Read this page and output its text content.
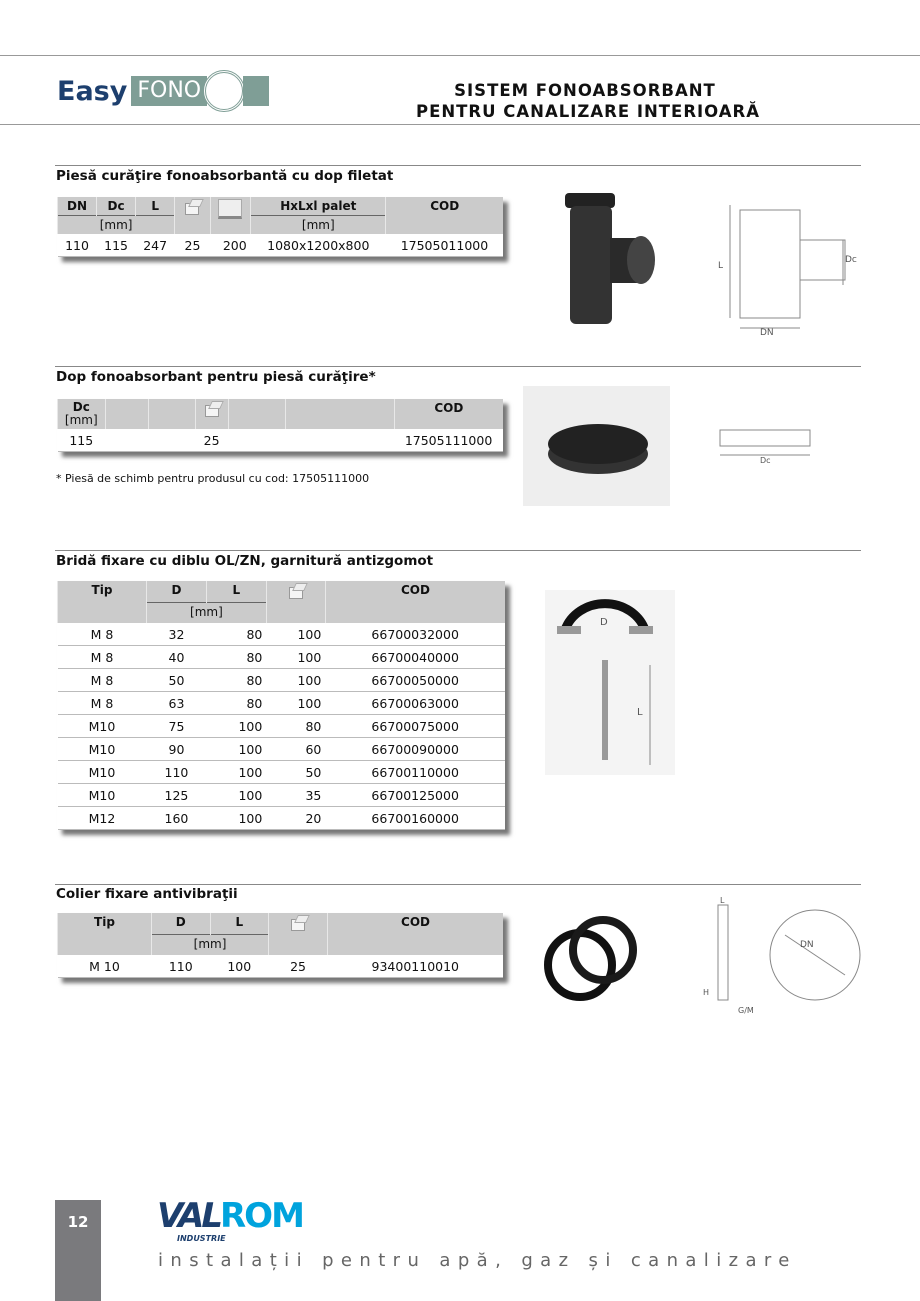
Easy FONO	SISTEM FONOABSORBANT
PENTRU CANALIZARE INTERIOARĂ
Piesă curăţire fonoabsorbantă cu dop filetat
DN	Dc	L			HxLxl palet	COD
[mm]					[mm]	
110	115	247	25	200	1080x1200x800	17505011000
L
DN
Dc
Dop fonoabsorbant pentru piesă curăţire*
Dc
[mm]						COD
115			25			17505111000
* Piesă de schimb pentru produsul cu cod: 17505111000
Dc
Bridă fixare cu diblu OL/ZN, garnitură antizgomot
Tip	D	L		COD
	[mm]			
M 8	32	80	100	66700032000
M 8	40	80	100	66700040000
M 8	50	80	100	66700050000
M 8	63	80	100	66700063000
M10	75	100	80	66700075000
M10	90	100	60	66700090000
M10	110	100	50	66700110000
M10	125	100	35	66700125000
M12	160	100	20	66700160000
D
L
Colier fixare antivibraţii
Tip	D	L		COD
	[mm]			
M 10	110	100	25	93400110010
L
H
G/M
DN
12	VALROM
INDUSTRIE
instalații pentru apă, gaz și canalizare
